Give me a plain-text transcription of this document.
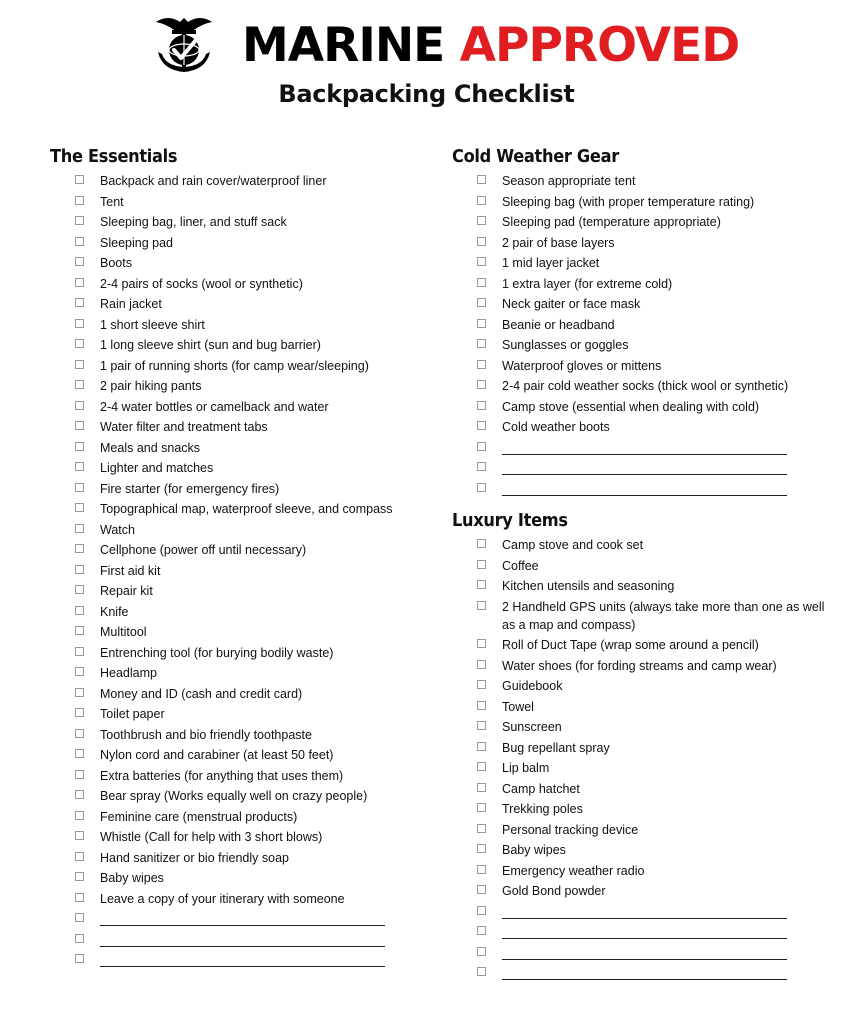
MARINE APPROVED
Backpacking Checklist
The Essentials
Backpack and rain cover/waterproof liner
Tent
Sleeping bag, liner, and stuff sack
Sleeping pad
Boots
2-4 pairs of socks (wool or synthetic)
Rain jacket
1 short sleeve shirt
1 long sleeve shirt (sun and bug barrier)
1 pair of running shorts (for camp wear/sleeping)
2 pair hiking pants
2-4 water bottles or camelback and water
Water filter and treatment tabs
Meals and snacks
Lighter and matches
Fire starter (for emergency fires)
Topographical map, waterproof sleeve, and compass
Watch
Cellphone (power off until necessary)
First aid kit
Repair kit
Knife
Multitool
Entrenching tool (for burying bodily waste)
Headlamp
Money and ID (cash and credit card)
Toilet paper
Toothbrush and bio friendly toothpaste
Nylon cord and carabiner (at least 50 feet)
Extra batteries (for anything that uses them)
Bear spray (Works equally well on crazy people)
Feminine care (menstrual products)
Whistle (Call for help with 3 short blows)
Hand sanitizer or bio friendly soap
Baby wipes
Leave a copy of your itinerary with someone
Cold Weather Gear
Season appropriate tent
Sleeping bag (with proper temperature rating)
Sleeping pad (temperature appropriate)
2 pair of base layers
1 mid layer jacket
1 extra layer (for extreme cold)
Neck gaiter or face mask
Beanie or headband
Sunglasses or goggles
Waterproof gloves or mittens
2-4 pair cold weather socks (thick wool or synthetic)
Camp stove (essential when dealing with cold)
Cold weather boots
Luxury Items
Camp stove and cook set
Coffee
Kitchen utensils and seasoning
2 Handheld GPS units (always take more than one as well as a map and compass)
Roll of Duct Tape (wrap some around a pencil)
Water shoes (for fording streams and camp wear)
Guidebook
Towel
Sunscreen
Bug repellant spray
Lip balm
Camp hatchet
Trekking poles
Personal tracking device
Baby wipes
Emergency weather radio
Gold Bond powder
